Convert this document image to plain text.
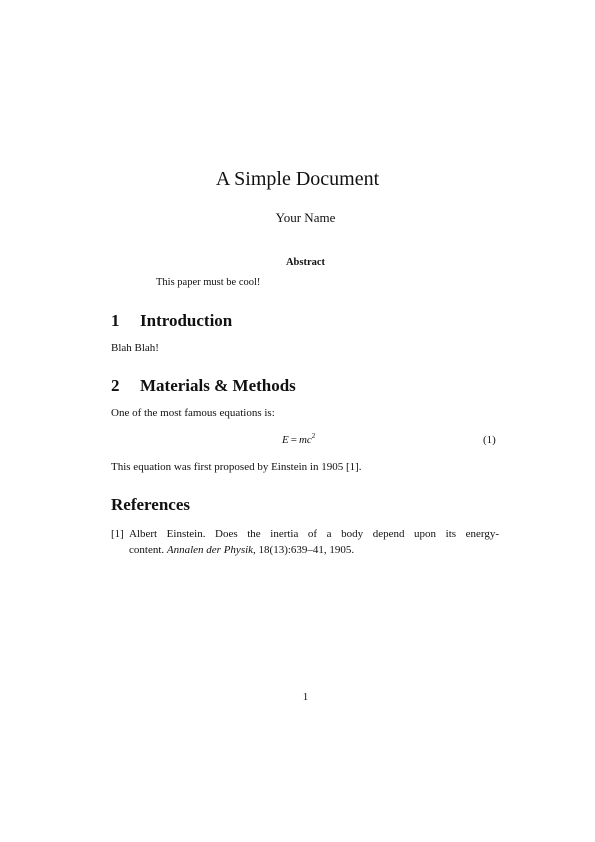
A Simple Document
Your Name
Abstract
This paper must be cool!
1 Introduction
Blah Blah!
2 Materials & Methods
One of the most famous equations is:
$E = mc^2$	(1)
This equation was first proposed by Einstein in 1905 [1].
References
[1] Albert Einstein. Does the inertia of a body depend upon its energy-
content. Annalen der Physik, 18(13):639–41, 1905.
1
